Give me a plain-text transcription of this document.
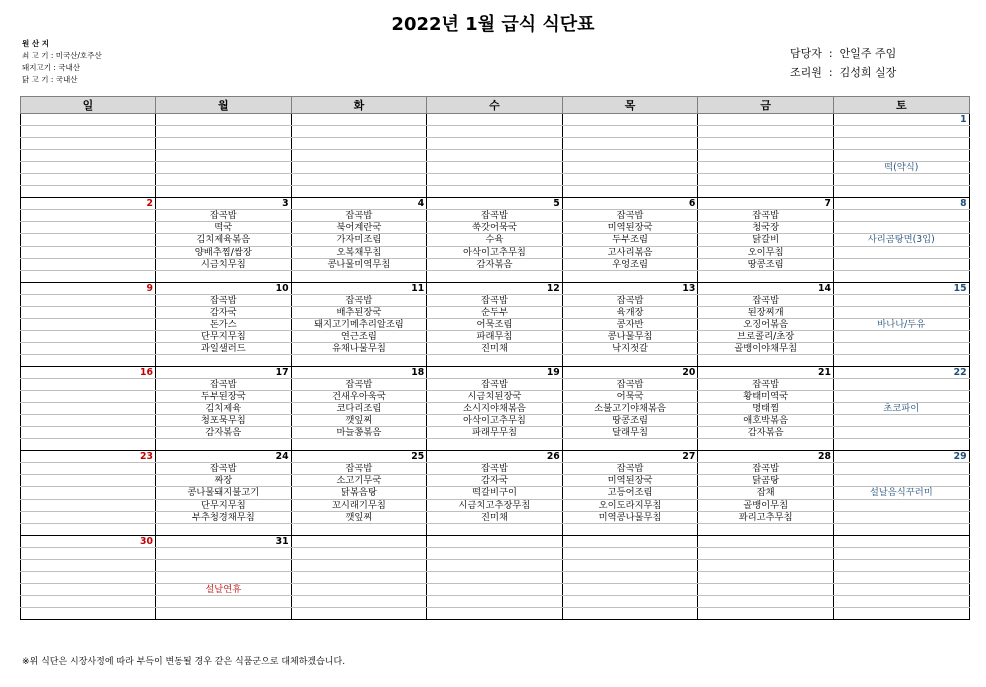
2022년 1월 급식 식단표
원 산 지
쇠 고 기 : 미국산/호주산
돼지고기 : 국내산
닭 고 기 : 국내산
담당자 : 안일주 주임
조리원 : 김성희 실장
일	월	화	수	목	금	토
						1

						떡(약식)

2	3	4	5	6	7	8
	잡곡밥	잡곡밥	잡곡밥	잡곡밥	잡곡밥	
	떡국	북어계란국	쑥갓어묵국	미역된장국	청국장	
	김치제육볶음	가자미조림	수육	두부조림	닭갈비	사리곰탕면(3입)
	양배추찜/쌈장	오복채무침	아삭이고추무침	고사리볶음	오이무침	
	시금치무침	콩나물미역무침	감자볶음	우엉조림	땅콩조림	

9	10	11	12	13	14	15
	잡곡밥	잡곡밥	잡곡밥	잡곡밥	잡곡밥	
	감자국	배추된장국	순두부	육개장	된장찌개	
	돈가스	돼지고기메추리알조림	어묵조림	콩자반	오징어볶음	바나나/두유
	단무지무침	연근조림	파래무침	콩나물무침	브로콜리/초장	
	과일샐러드	유채나물무침	진미채	낙지젓갈	골뱅이야채무침	

16	17	18	19	20	21	22
	잡곡밥	잡곡밥	잡곡밥	잡곡밥	잡곡밥	
	두부된장국	건새우아욱국	시금치된장국	어묵국	황태미역국	
	김치제육	코다리조림	소시지야채볶음	소불고기야채볶음	명태찜	초코파이
	청포묵무침	깻잎찌	아삭이고추무침	땅콩조림	애호박볶음	
	감자볶음	마늘쫑볶음	파래무무침	달래무침	감자볶음	

23	24	25	26	27	28	29
	잡곡밥	잡곡밥	잡곡밥	잡곡밥	잡곡밥	
	짜장	소고기무국	감자국	미역된장국	닭곰탕	
	콩나물돼지불고기	닭볶음탕	떡갈비구이	고등어조림	잡채	설날음식꾸러미
	단무지무침	꼬시래기무침	시금치고추장무침	오이도라지무침	골뱅이무침	
	부추청경채무침	깻잎찌	진미채	미역콩나물무침	꽈리고추무침	

30	31					

	설날연휴					

※위 식단은 시장사정에 따라 부득이 변동될 경우 같은 식품군으로 대체하겠습니다.
